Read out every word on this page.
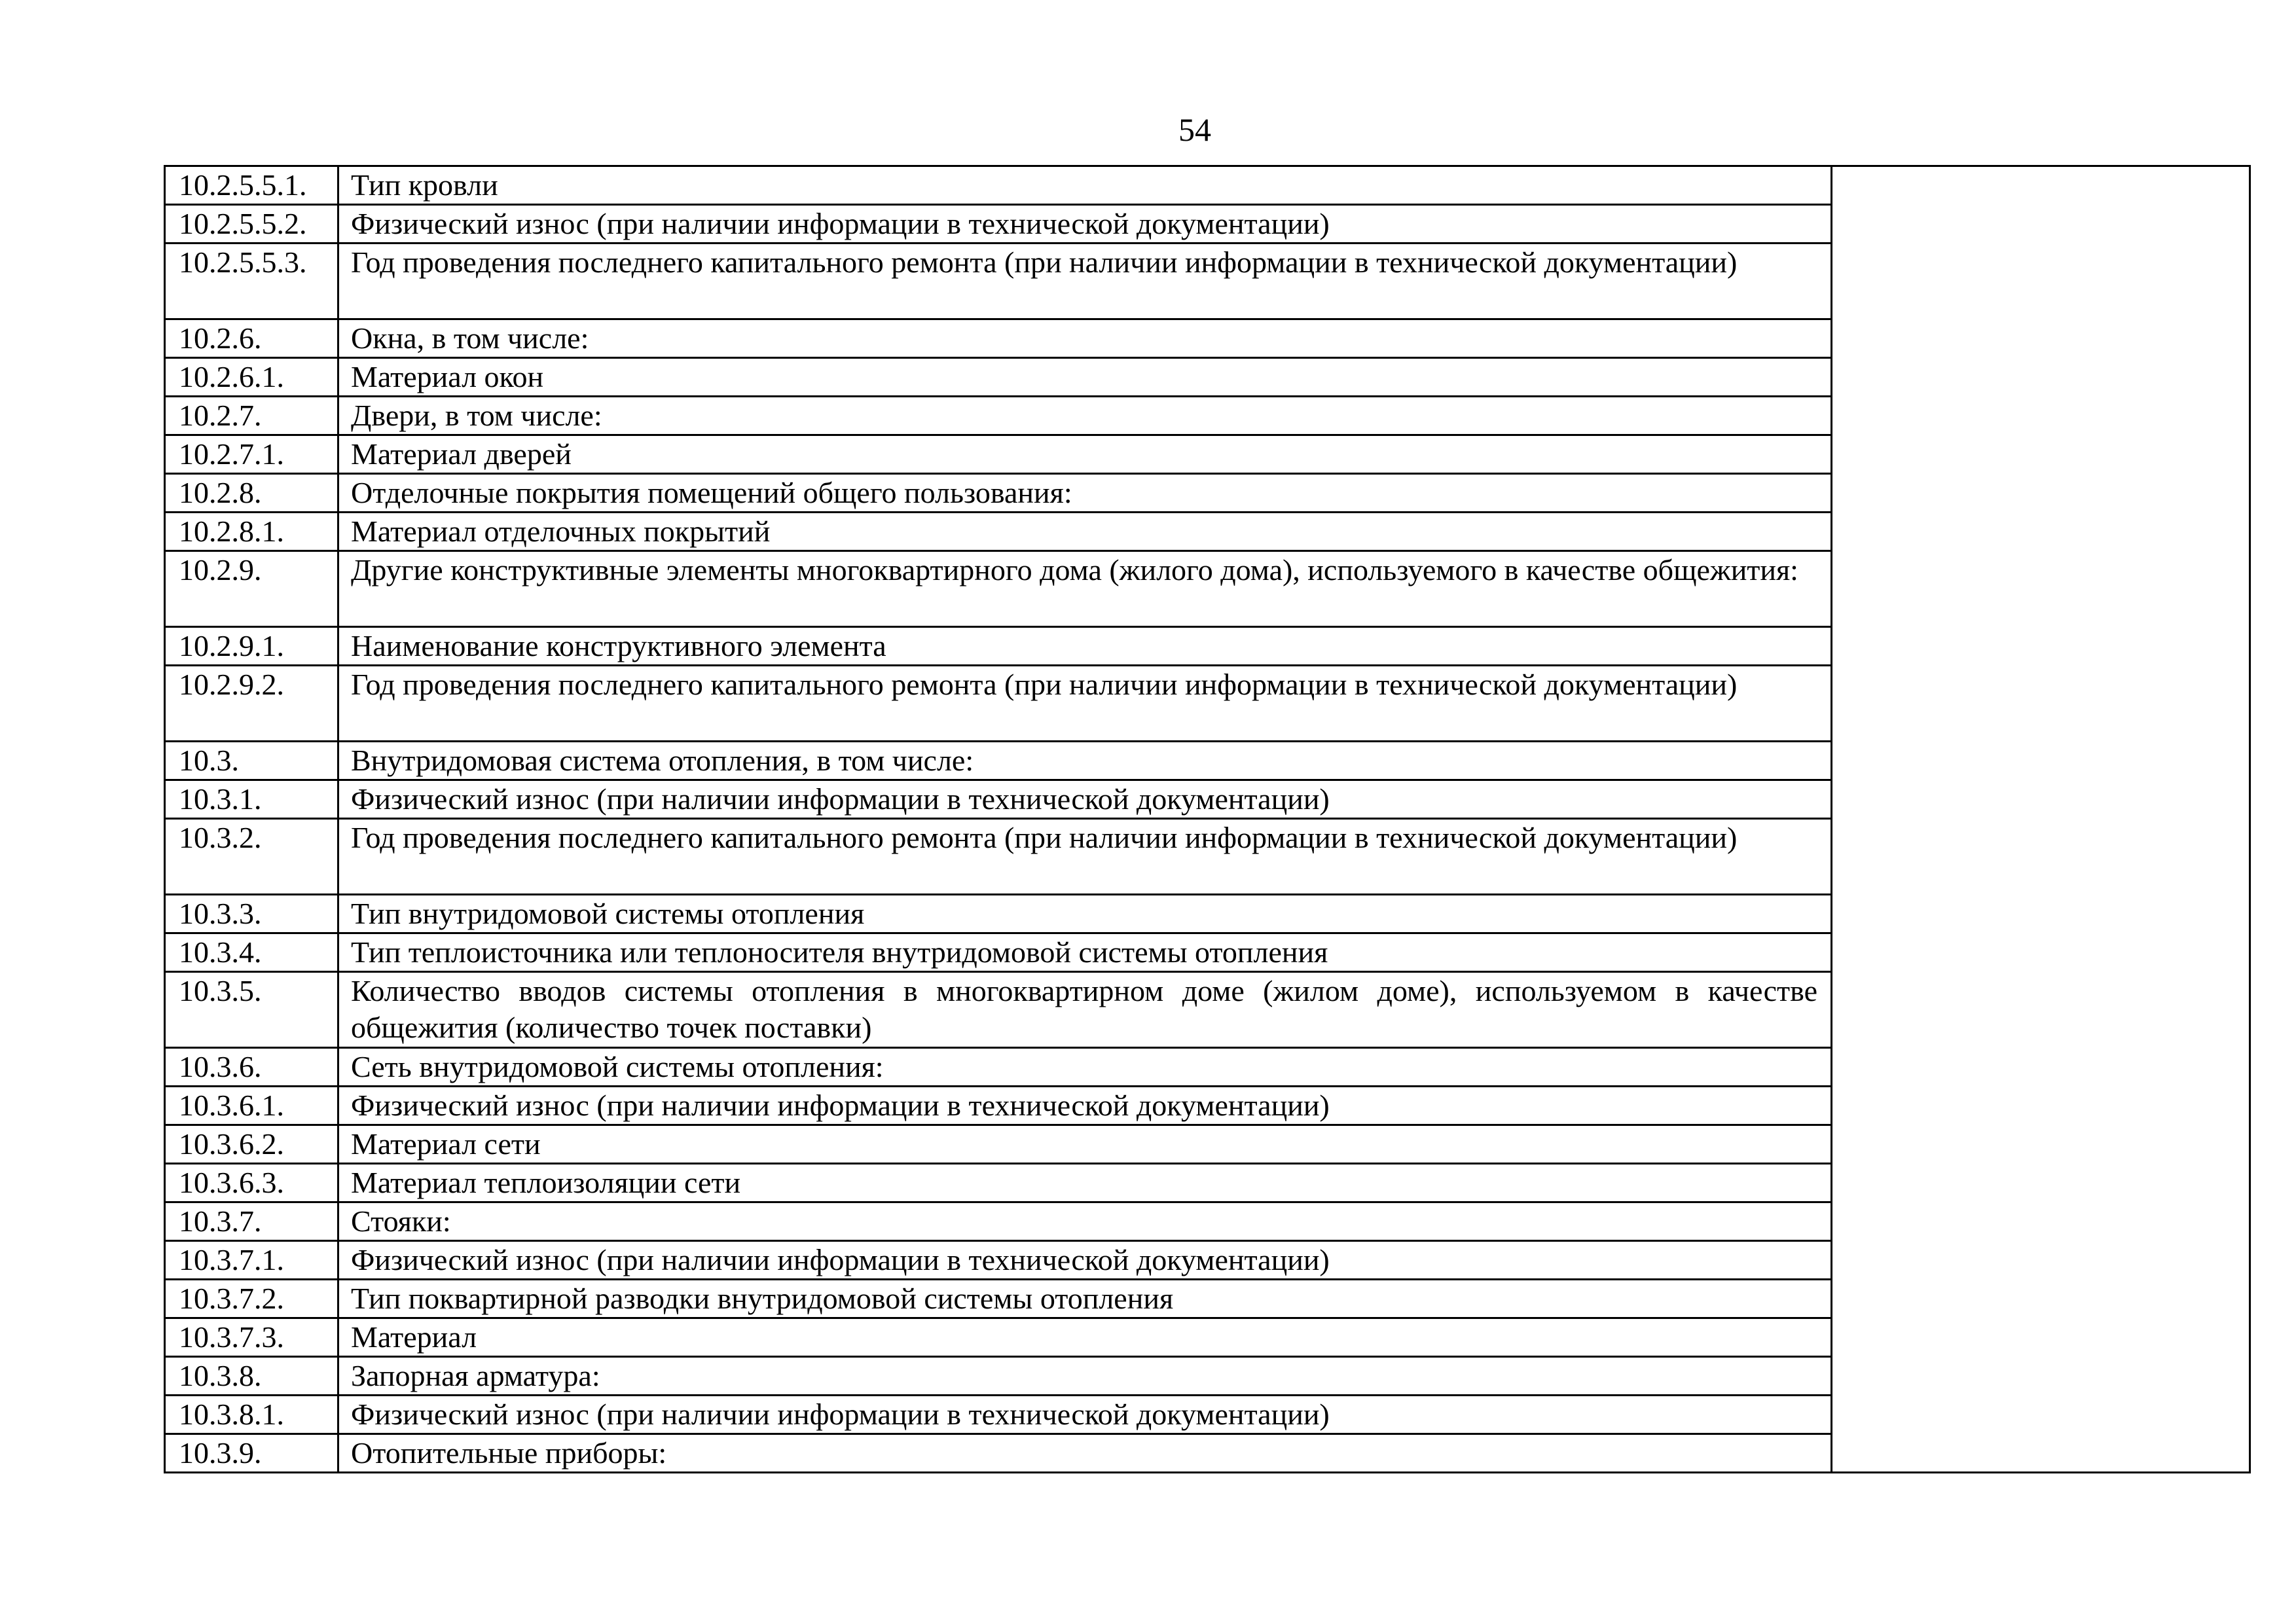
54
10.2.5.5.1.	Тип кровли	
10.2.5.5.2.	Физический износ (при наличии информации в технической документации)	
10.2.5.5.3.	Год проведения последнего капитального ремонта (при наличии информации в технической документации)	
10.2.6.	Окна, в том числе:	
10.2.6.1.	Материал окон	
10.2.7.	Двери, в том числе:	
10.2.7.1.	Материал дверей	
10.2.8.	Отделочные покрытия помещений общего пользования:	
10.2.8.1.	Материал отделочных покрытий	
10.2.9.	Другие конструктивные элементы многоквартирного дома (жилого дома), используемого в качестве общежития:	
10.2.9.1.	Наименование конструктивного элемента	
10.2.9.2.	Год проведения последнего капитального ремонта (при наличии информации в технической документации)	
10.3.	Внутридомовая система отопления, в том числе:	
10.3.1.	Физический износ (при наличии информации в технической документации)	
10.3.2.	Год проведения последнего капитального ремонта (при наличии информации в технической документации)	
10.3.3.	Тип внутридомовой системы отопления	
10.3.4.	Тип теплоисточника или теплоносителя внутридомовой системы отопления	
10.3.5.	Количество вводов системы отопления в многоквартирном доме (жилом доме), используемом в качестве общежития (количество точек поставки)	
10.3.6.	Сеть внутридомовой системы отопления:	
10.3.6.1.	Физический износ (при наличии информации в технической документации)	
10.3.6.2.	Материал сети	
10.3.6.3.	Материал теплоизоляции сети	
10.3.7.	Стояки:	
10.3.7.1.	Физический износ (при наличии информации в технической документации)	
10.3.7.2.	Тип поквартирной разводки внутридомовой системы отопления	
10.3.7.3.	Материал	
10.3.8.	Запорная арматура:	
10.3.8.1.	Физический износ (при наличии информации в технической документации)	
10.3.9.	Отопительные приборы:	
